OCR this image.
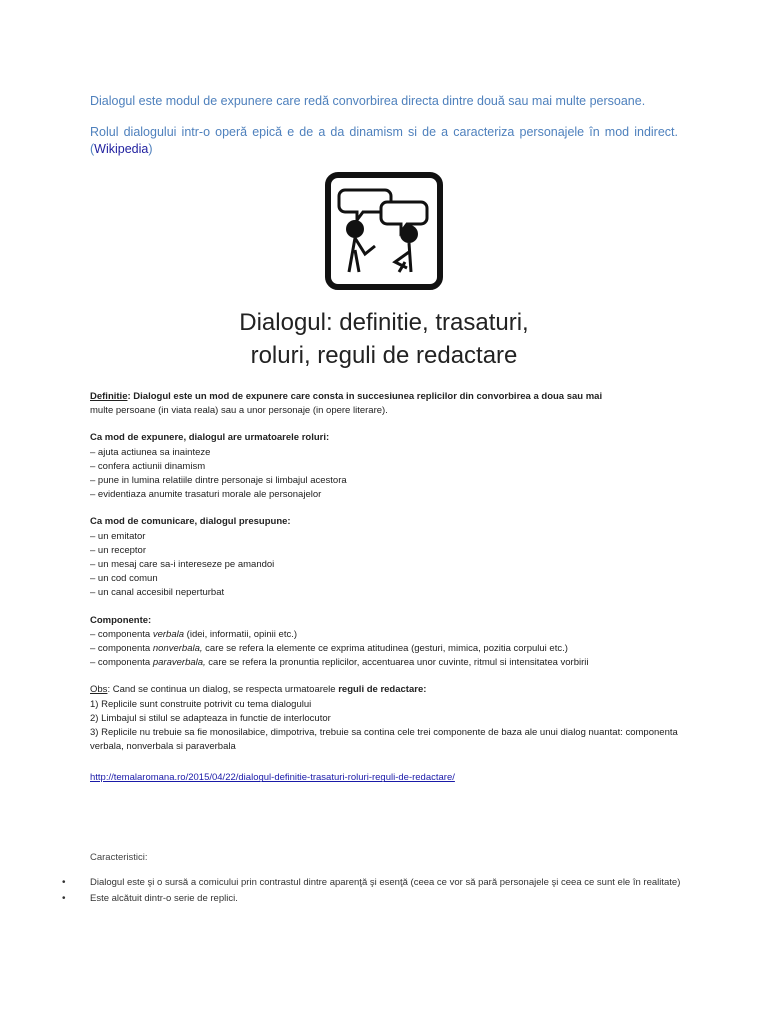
Dialogul este modul de expunere care redă convorbirea directa dintre două sau mai multe persoane.
Rolul dialogului intr-o operă epică e de a da dinamism si de a caracteriza personajele în mod indirect. (Wikipedia)
Dialogul: definitie, trasaturi,
roluri, reguli de redactare

Definitie: Dialogul este un mod de expunere care consta in succesiunea replicilor din convorbirea a doua sau mai

multe persoane (in viata reala) sau a unor personaje (in opere literare).

Ca mod de expunere, dialogul are urmatoarele roluri:

– ajuta actiunea sa inainteze

– confera actiunii dinamism

– pune in lumina relatiile dintre personaje si limbajul acestora

– evidentiaza anumite trasaturi morale ale personajelor

Ca mod de comunicare, dialogul presupune:

– un emitator

– un receptor

– un mesaj care sa-i intereseze pe amandoi

– un cod comun

– un canal accesibil neperturbat

Componente:

– componenta verbala (idei, informatii, opinii etc.)

– componenta nonverbala, care se refera la elemente ce exprima atitudinea (gesturi, mimica, pozitia corpului etc.)

– componenta paraverbala, care se refera la pronuntia replicilor, accentuarea unor cuvinte, ritmul si intensitatea vorbirii

Obs: Cand se continua un dialog, se respecta urmatoarele reguli de redactare:

1) Replicile sunt construite potrivit cu tema dialogului

2) Limbajul si stilul se adapteaza in functie de interlocutor

3) Replicile nu trebuie sa fie monosilabice, dimpotriva, trebuie sa contina cele trei componente de baza ale unui dialog nuantat: componenta verbala, nonverbala si paraverbala

http://temalaromana.ro/2015/04/22/dialogul-definitie-trasaturi-roluri-reguli-de-redactare/

Caracteristici:
•	Dialogul este şi o sursă a comicului prin contrastul dintre aparenţă şi esenţă (ceea ce vor să pară personajele şi ceea ce sunt ele în realitate)
•	Este alcătuit dintr-o serie de replici.
